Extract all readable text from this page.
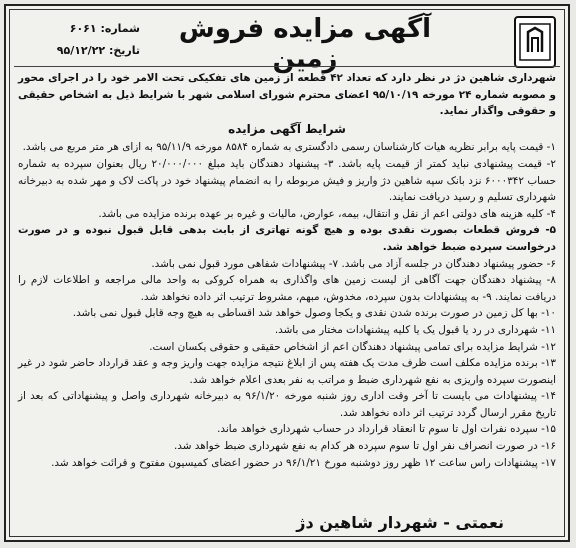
آگهی مزایده فروش زمین
شماره: ۶۰۶۱
تاریخ: ۹۵/۱۲/۲۲

شهرداری شاهین دژ در نظر دارد که تعداد ۴۲ قطعه از زمین های تفکیکی تحت الامر خود را در اجرای محور و مصوبه شماره ۲۴ مورخه ۹۵/۱۰/۱۹ اعضای محترم شورای اسلامی شهر با شرایط ذیل به اشخاص حقیقی و حقوقی واگذار نماید.

شرایط آگهی مزایده

۱- قیمت پایه برابر نظریه هیات کارشناسان رسمی دادگستری به شماره ۸۵۸۴ مورخه ۹۵/۱۱/۹ به ازای هر متر مربع می باشد.

۲- قیمت پیشنهادی نباید کمتر از قیمت پایه باشد. ۳- پیشنهاد دهندگان باید مبلغ ۲۰/۰۰۰/۰۰۰ ریال بعنوان سپرده به شماره حساب ۶۰۰۰۳۴۲ نزد بانک سپه شاهین دژ واریز و فیش مربوطه را به انضمام پیشنهاد خود در پاکت لاک و مهر شده به دبیرخانه شهرداری تسلیم و رسید دریافت نمایند.

۴- کلیه هزینه های دولتی اعم از نقل و انتقال، بیمه، عوارض، مالیات و غیره بر عهده برنده مزایده می باشد.

۵- فروش قطعات بصورت نقدی بوده و هیچ گونه تهاتری از بابت بدهی قابل قبول نبوده و در صورت درخواست سپرده ضبط خواهد شد.

۶- حضور پیشنهاد دهندگان در جلسه آزاد می باشد. ۷- پیشنهادات شفاهی مورد قبول نمی باشد.

۸- پیشنهاد دهندگان جهت آگاهی از لیست زمین های واگذاری به همراه کروکی به واحد مالی مراجعه و اطلاعات لازم را دریافت نمایند. ۹- به پیشنهادات بدون سپرده، مخدوش، مبهم، مشروط ترتیب اثر داده نخواهد شد.

۱۰- بها کل زمین در صورت برنده شدن نقدی و یکجا وصول خواهد شد اقساطی به هیچ وجه قابل قبول نمی باشد.

۱۱- شهرداری در رد یا قبول یک یا کلیه پیشنهادات مختار می باشد.

۱۲- شرایط مزایده برای تمامی پیشنهاد دهندگان اعم از اشخاص حقیقی و حقوقی یکسان است.

۱۳- برنده مزایده مکلف است ظرف مدت یک هفته پس از ابلاغ نتیجه مزایده جهت واریز وجه و عقد قرارداد حاضر شود در غیر اینصورت سپرده واریزی به نفع شهرداری ضبط و مراتب به نفر بعدی اعلام خواهد شد.

۱۴- پیشنهادات می بایست تا آخر وقت اداری روز شنبه مورخه ۹۶/۱/۲۰ به دبیرخانه شهرداری واصل و پیشنهاداتی که بعد از تاریخ مقرر ارسال گردد ترتیب اثر داده نخواهد شد.

۱۵- سپرده نفرات اول تا سوم تا انعقاد قرارداد در حساب شهرداری خواهد ماند.

۱۶- در صورت انصراف نفر اول تا سوم سپرده هر کدام به نفع شهرداری ضبط خواهد شد.

۱۷- پیشنهادات راس ساعت ۱۲ ظهر روز دوشنبه مورخ ۹۶/۱/۲۱ در حضور اعضای کمیسیون مفتوح و قرائت خواهد شد.

نعمتی - شهردار شاهین دژ
